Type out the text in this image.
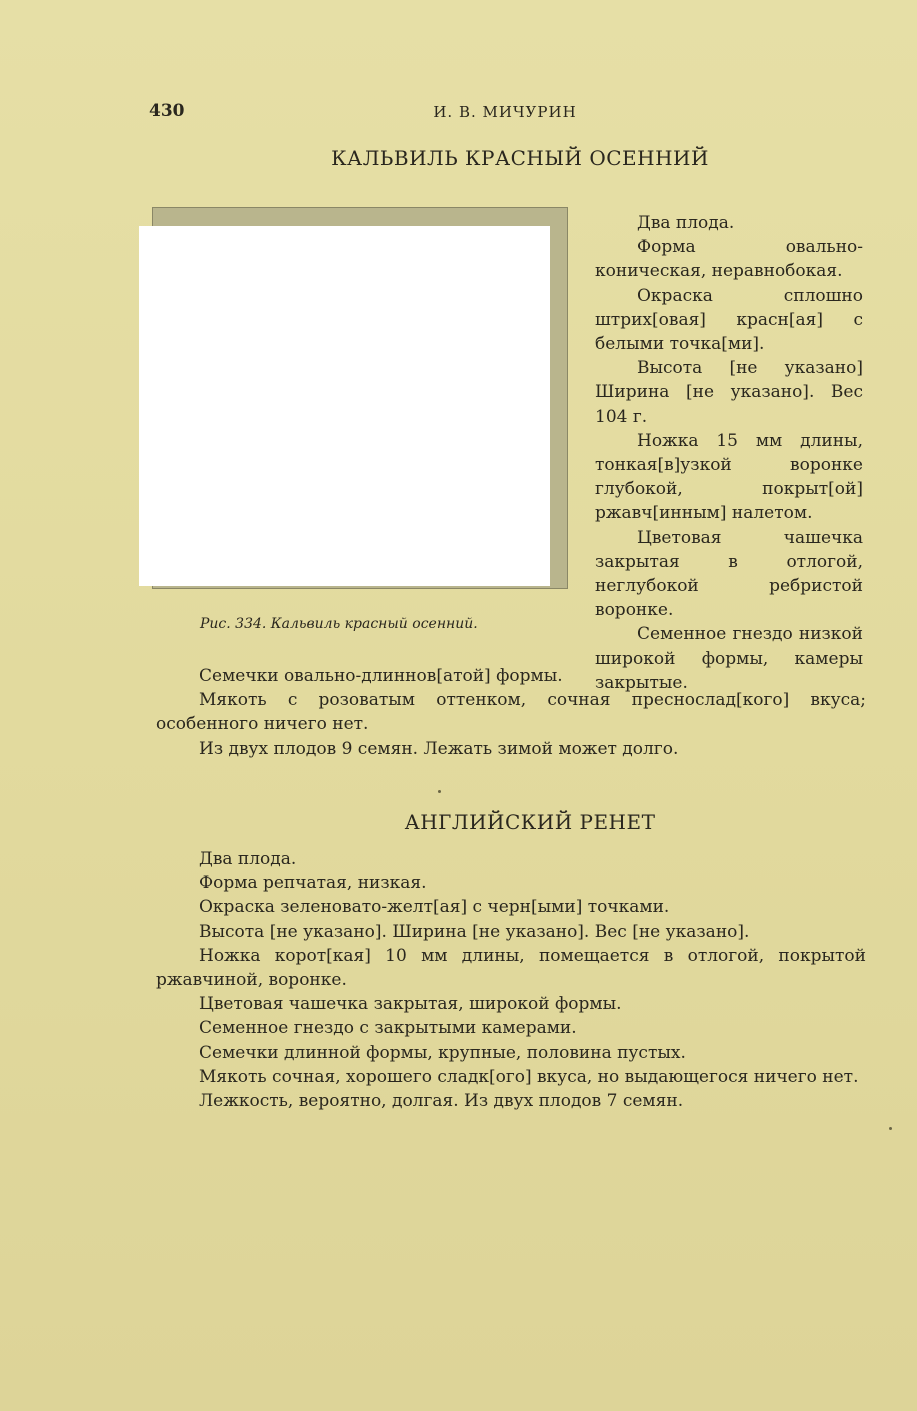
430	И. В. МИЧУРИН
КАЛЬВИЛЬ КРАСНЫЙ ОСЕННИЙ
Рис. 334. Кальвиль красный осенний.

Два плода.

Форма овально-коническая, неравнобокая.

Окраска сплошно штрих[овая] красн[ая] с белыми точка[ми].

Высота [не указано] Ширина [не указано]. Вес 104 г.

Ножка 15 мм длины, тонкая[в]узкой воронке глубокой, покрыт[ой] ржавч[инным] налетом.

Цветовая чашечка закрытая в отлогой, неглубокой ребристой воронке.

Семенное гнездо низкой широкой формы, камеры закрытые.

Семечки овально-длиннов[атой] формы.

Мякоть с розоватым оттенком, сочная преснослад[кого] вкуса; особенного ничего нет.

Из двух плодов 9 семян. Лежать зимой может долго.

АНГЛИЙСКИЙ РЕНЕТ

Два плода.

Форма репчатая, низкая.

Окраска зеленовато-желт[ая] с черн[ыми] точками.

Высота [не указано]. Ширина [не указано]. Вес [не указано].

Ножка корот[кая] 10 мм длины, помещается в отлогой, покрытой ржавчиной, воронке.

Цветовая чашечка закрытая, широкой формы.

Семенное гнездо с закрытыми камерами.

Семечки длинной формы, крупные, половина пустых.

Мякоть сочная, хорошего сладк[ого] вкуса, но выдающегося ничего нет.

Лежкость, вероятно, долгая. Из двух плодов 7 семян.
